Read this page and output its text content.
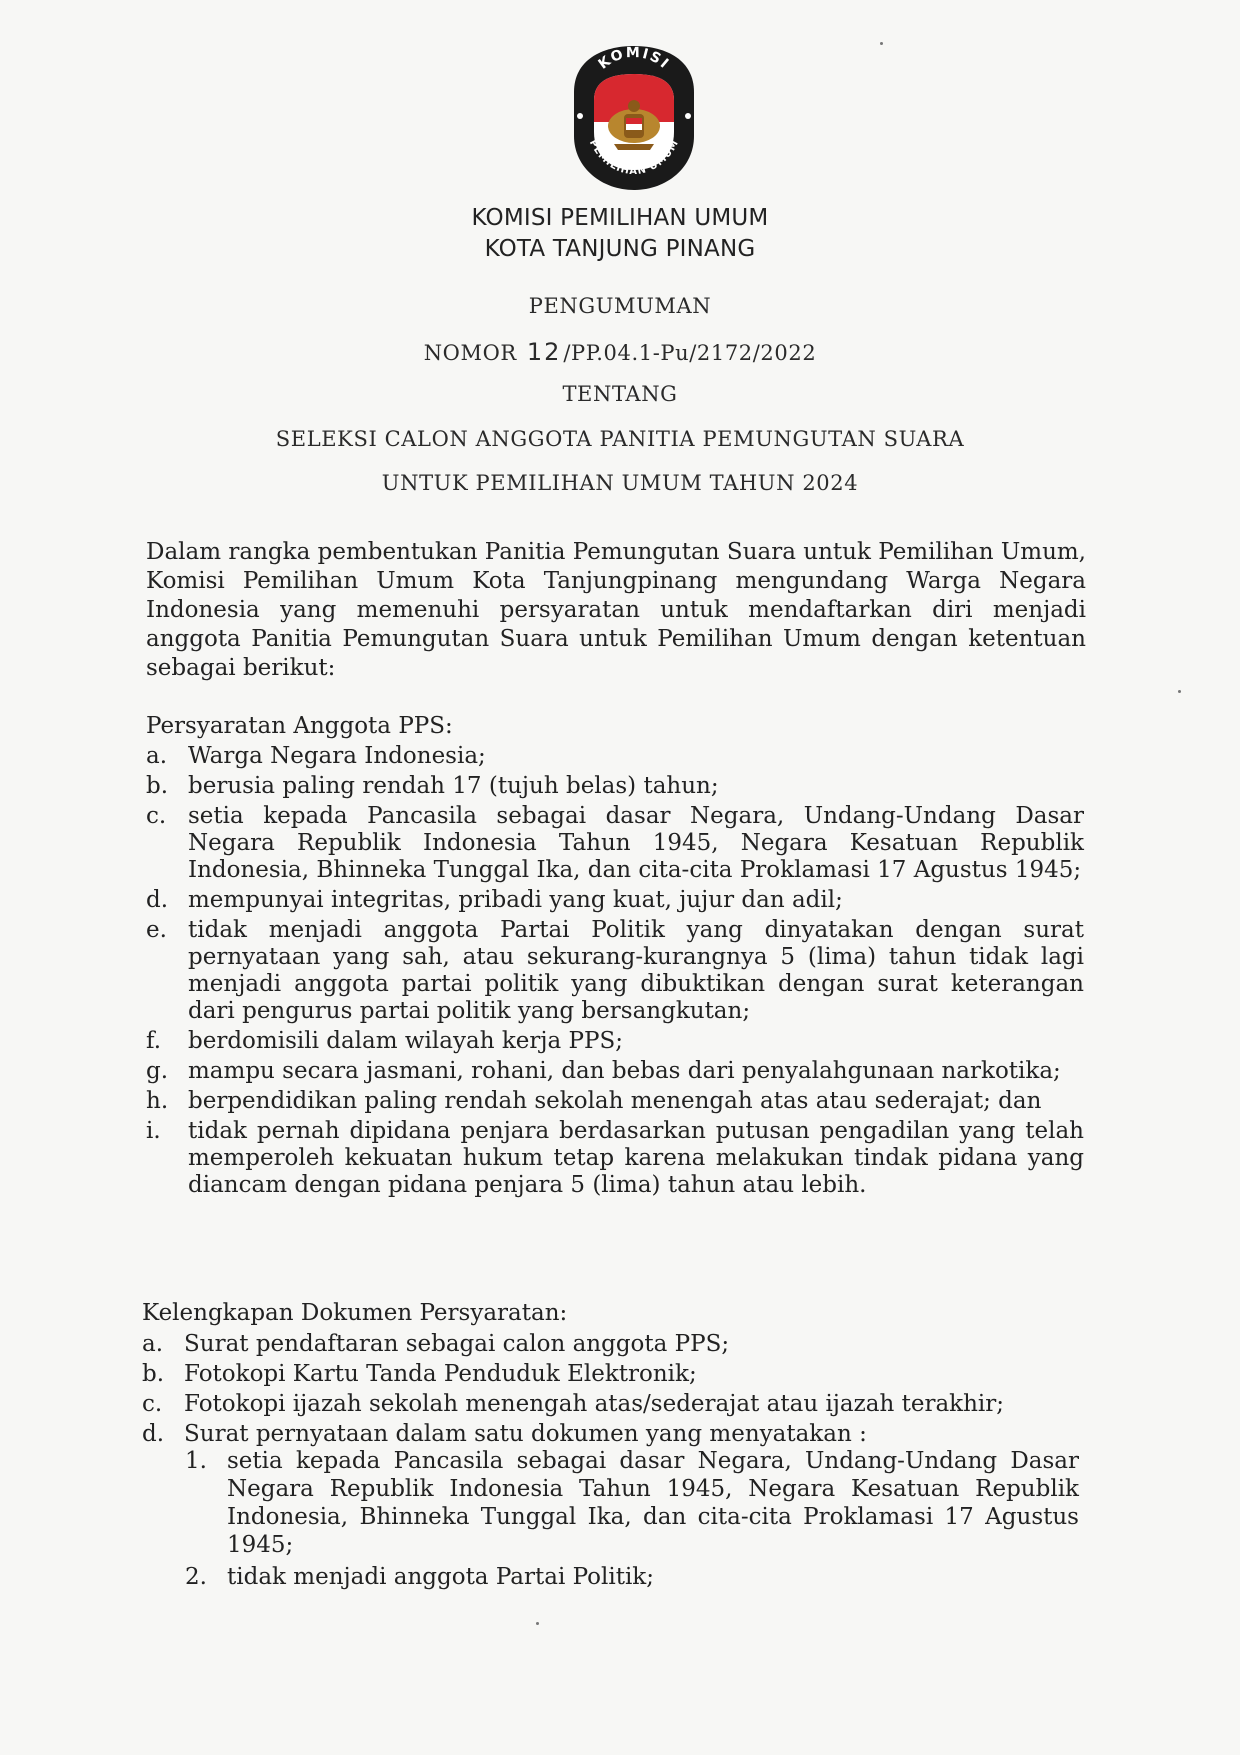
KOMISI
PEMILIHAN UMUM
KOMISI PEMILIHAN UMUM
KOTA TANJUNG PINANG
PENGUMUMAN
NOMOR 12/PP.04.1-Pu/2172/2022
TENTANG
SELEKSI CALON ANGGOTA PANITIA PEMUNGUTAN SUARA
UNTUK PEMILIHAN UMUM TAHUN 2024
Dalam rangka pembentukan Panitia Pemungutan Suara untuk Pemilihan Umum, Komisi Pemilihan Umum Kota Tanjungpinang mengundang Warga Negara Indonesia yang memenuhi persyaratan untuk mendaftarkan diri menjadi anggota Panitia Pemungutan Suara untuk Pemilihan Umum dengan ketentuan sebagai berikut:
Persyaratan Anggota PPS:
a. Warga Negara Indonesia;
b. berusia paling rendah 17 (tujuh belas) tahun;
c. setia kepada Pancasila sebagai dasar Negara, Undang-Undang Dasar Negara Republik Indonesia Tahun 1945, Negara Kesatuan Republik Indonesia, Bhinneka Tunggal Ika, dan cita-cita Proklamasi 17 Agustus 1945;
d. mempunyai integritas, pribadi yang kuat, jujur dan adil;
e. tidak menjadi anggota Partai Politik yang dinyatakan dengan surat pernyataan yang sah, atau sekurang-kurangnya 5 (lima) tahun tidak lagi menjadi anggota partai politik yang dibuktikan dengan surat keterangan dari pengurus partai politik yang bersangkutan;
f. berdomisili dalam wilayah kerja PPS;
g. mampu secara jasmani, rohani, dan bebas dari penyalahgunaan narkotika;
h. berpendidikan paling rendah sekolah menengah atas atau sederajat; dan
i. tidak pernah dipidana penjara berdasarkan putusan pengadilan yang telah memperoleh kekuatan hukum tetap karena melakukan tindak pidana yang diancam dengan pidana penjara 5 (lima) tahun atau lebih.
Kelengkapan Dokumen Persyaratan:
a. Surat pendaftaran sebagai calon anggota PPS;
b. Fotokopi Kartu Tanda Penduduk Elektronik;
c. Fotokopi ijazah sekolah menengah atas/sederajat atau ijazah terakhir;
d. Surat pernyataan dalam satu dokumen yang menyatakan :
1. setia kepada Pancasila sebagai dasar Negara, Undang-Undang Dasar Negara Republik Indonesia Tahun 1945, Negara Kesatuan Republik Indonesia, Bhinneka Tunggal Ika, dan cita-cita Proklamasi 17 Agustus 1945;
2. tidak menjadi anggota Partai Politik;
